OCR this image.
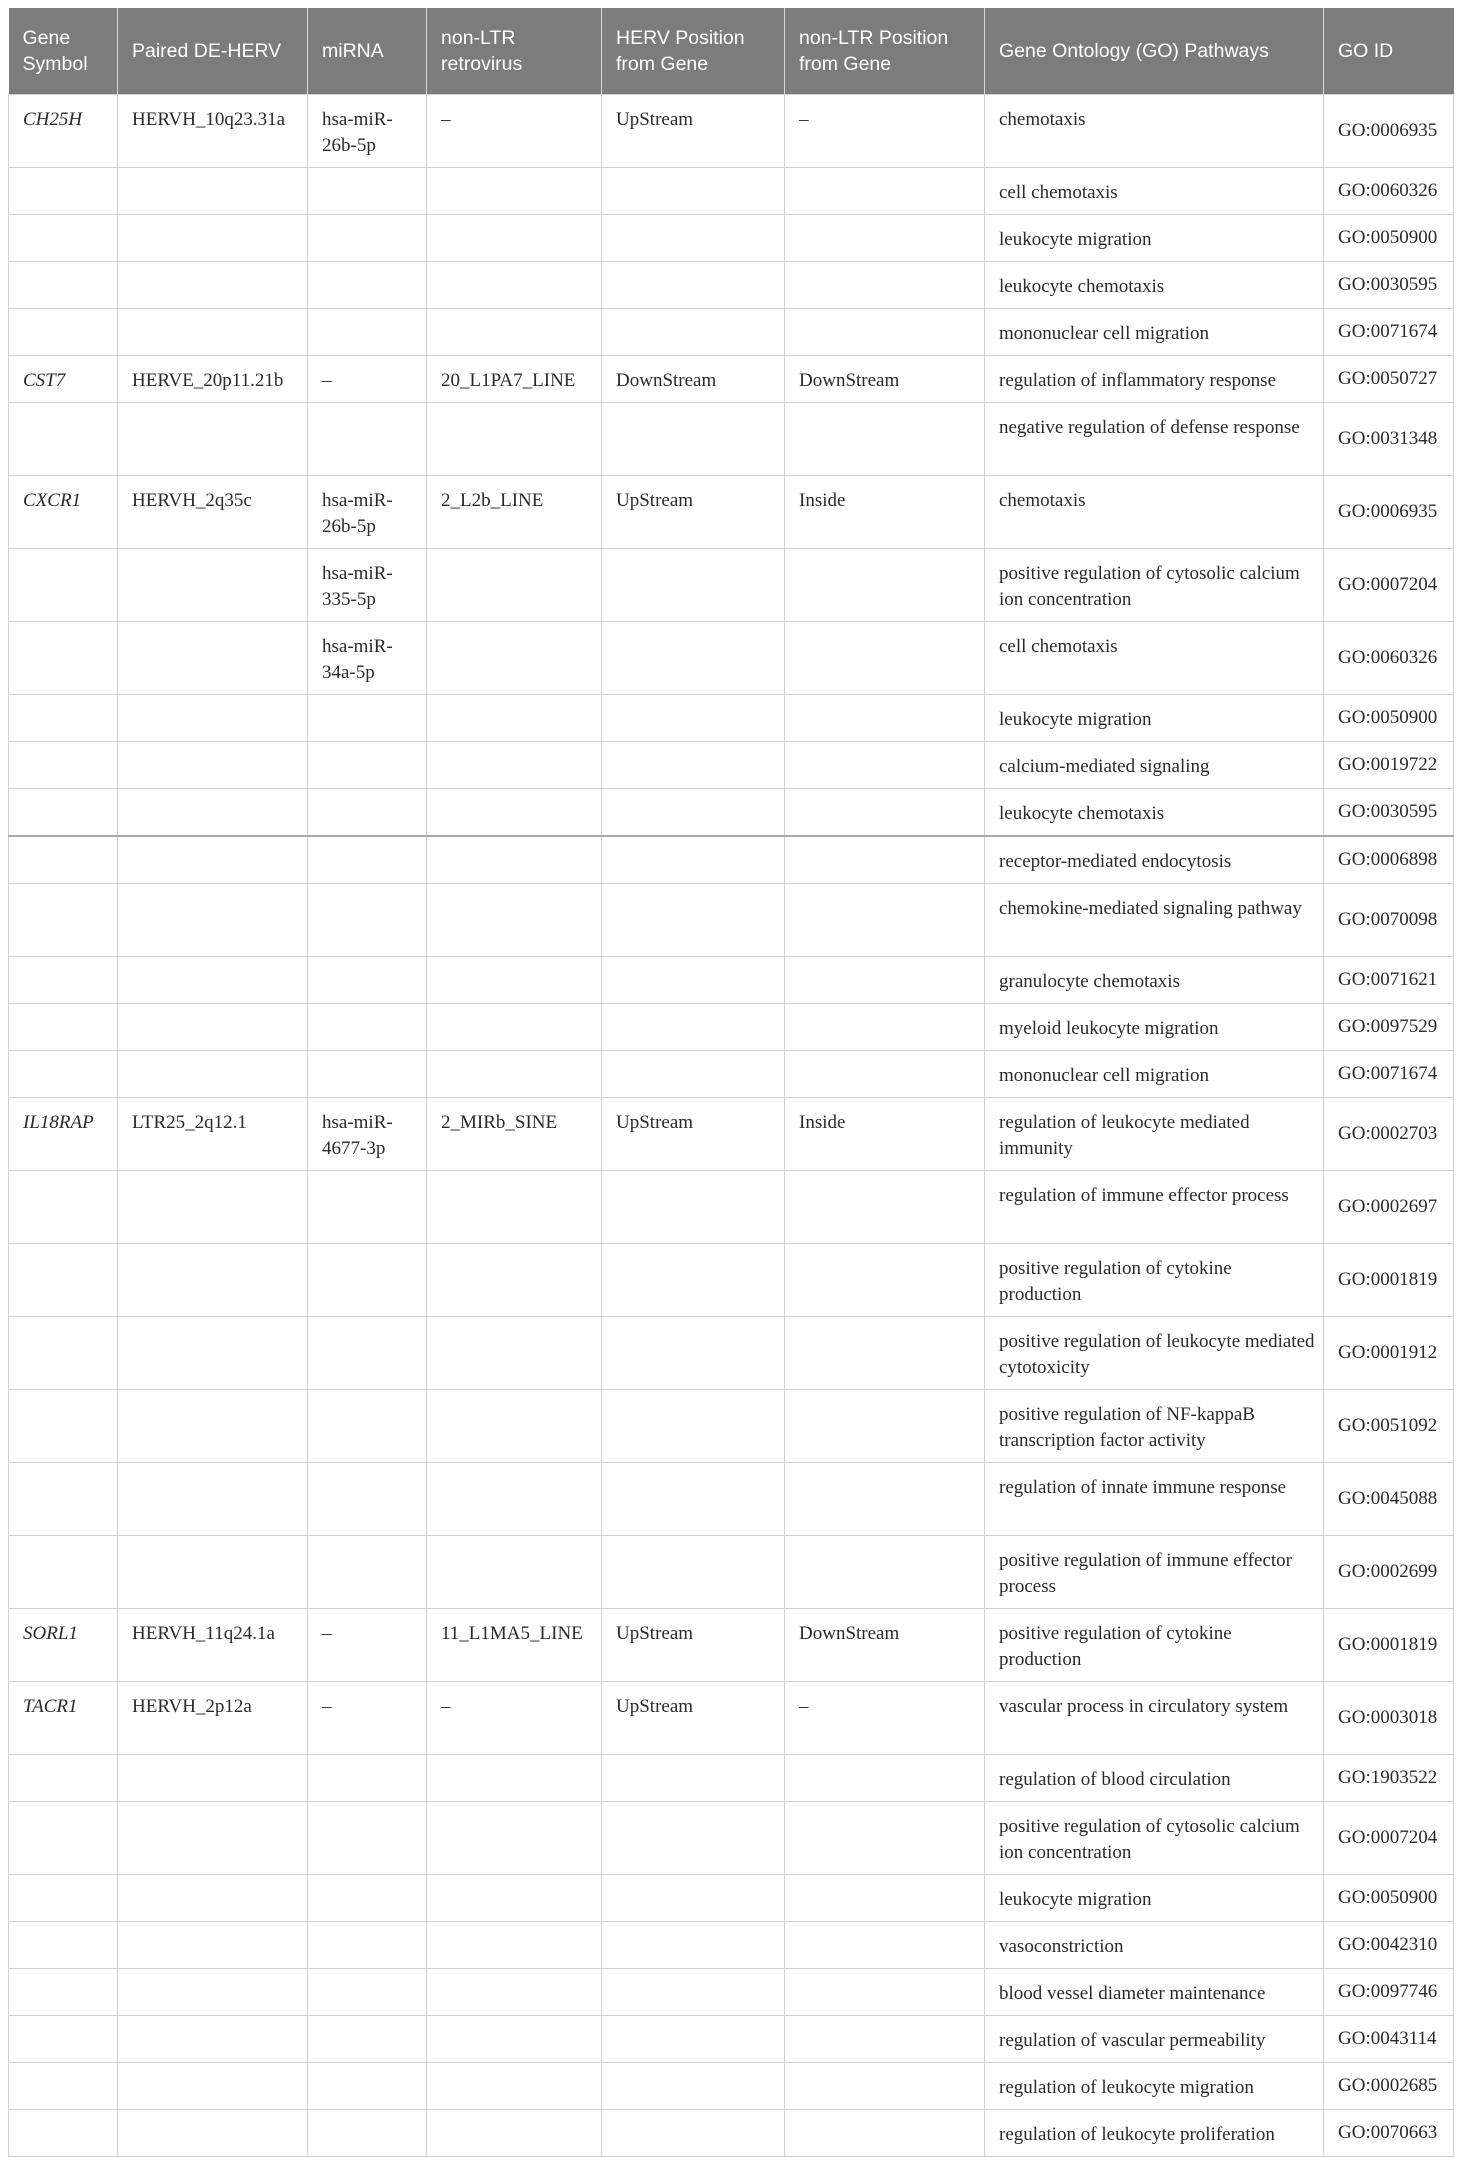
Gene Symbol	Paired DE-HERV	miRNA	non-LTR retrovirus	HERV Position from Gene	non-LTR Position from Gene	Gene Ontology (GO) Pathways	GO ID
CH25H	HERVH_10q23.31a	hsa-miR-26b-5p	–	UpStream	–	chemotaxis	GO:0006935
						cell chemotaxis	GO:0060326
						leukocyte migration	GO:0050900
						leukocyte chemotaxis	GO:0030595
						mononuclear cell migration	GO:0071674
CST7	HERVE_20p11.21b	–	20_L1PA7_LINE	DownStream	DownStream	regulation of inflammatory response	GO:0050727
						negative regulation of defense response	GO:0031348
CXCR1	HERVH_2q35c	hsa-miR-26b-5p	2_L2b_LINE	UpStream	Inside	chemotaxis	GO:0006935
		hsa-miR-335-5p				positive regulation of cytosolic calcium ion concentration	GO:0007204
		hsa-miR-34a-5p				cell chemotaxis	GO:0060326
						leukocyte migration	GO:0050900
						calcium-mediated signaling	GO:0019722
						leukocyte chemotaxis	GO:0030595
						receptor-mediated endocytosis	GO:0006898
						chemokine-mediated signaling pathway	GO:0070098
						granulocyte chemotaxis	GO:0071621
						myeloid leukocyte migration	GO:0097529
						mononuclear cell migration	GO:0071674
IL18RAP	LTR25_2q12.1	hsa-miR-4677-3p	2_MIRb_SINE	UpStream	Inside	regulation of leukocyte mediated immunity	GO:0002703
						regulation of immune effector process	GO:0002697
						positive regulation of cytokine production	GO:0001819
						positive regulation of leukocyte mediated cytotoxicity	GO:0001912
						positive regulation of NF-kappaB transcription factor activity	GO:0051092
						regulation of innate immune response	GO:0045088
						positive regulation of immune effector process	GO:0002699
SORL1	HERVH_11q24.1a	–	11_L1MA5_LINE	UpStream	DownStream	positive regulation of cytokine production	GO:0001819
TACR1	HERVH_2p12a	–	–	UpStream	–	vascular process in circulatory system	GO:0003018
						regulation of blood circulation	GO:1903522
						positive regulation of cytosolic calcium ion concentration	GO:0007204
						leukocyte migration	GO:0050900
						vasoconstriction	GO:0042310
						blood vessel diameter maintenance	GO:0097746
						regulation of vascular permeability	GO:0043114
						regulation of leukocyte migration	GO:0002685
						regulation of leukocyte proliferation	GO:0070663
